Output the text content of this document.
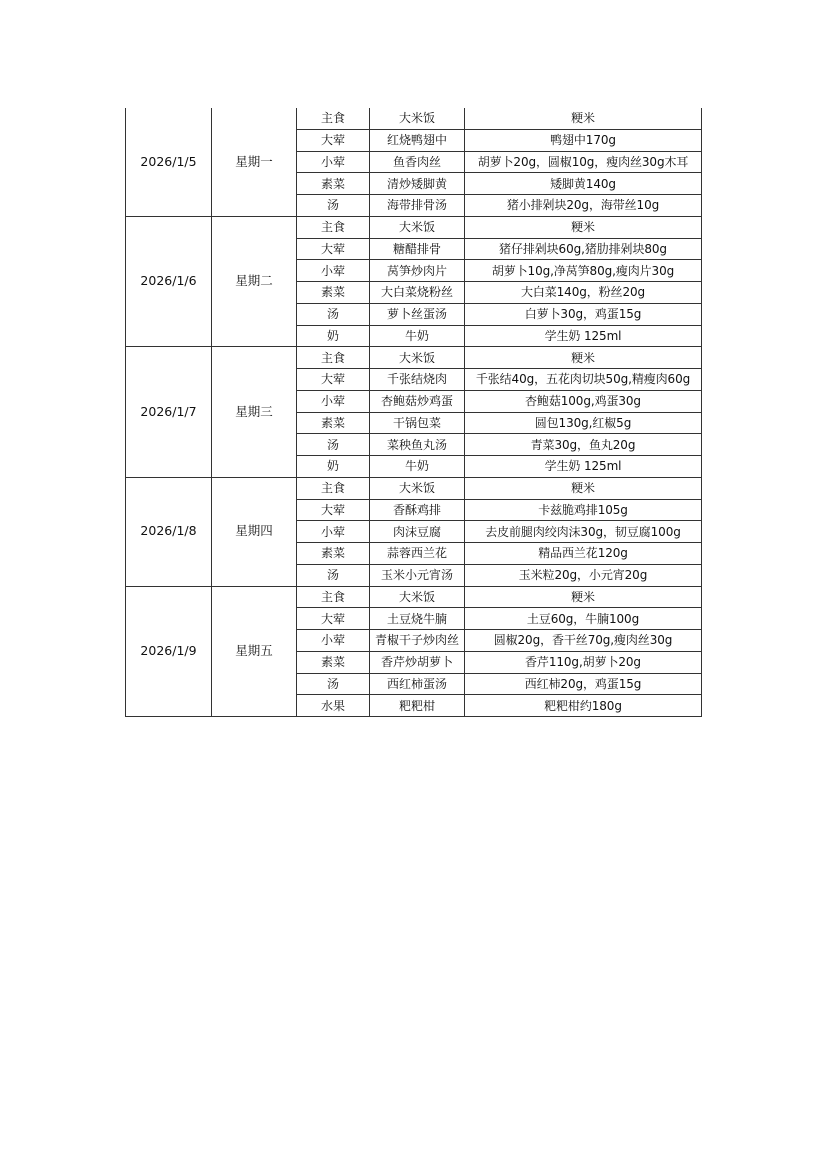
2026/1/5	星期一	主食	大米饭	粳米
		大荤	红烧鸭翅中	鸭翅中170g
		小荤	鱼香肉丝	胡萝卜20g，圆椒10g，瘦肉丝30g木耳
		素菜	清炒矮脚黄	矮脚黄140g
		汤	海带排骨汤	猪小排剁块20g，海带丝10g
2026/1/6	星期二	主食	大米饭	粳米
		大荤	糖醋排骨	猪仔排剁块60g,猪肋排剁块80g
		小荤	莴笋炒肉片	胡萝卜10g,净莴笋80g,瘦肉片30g
		素菜	大白菜烧粉丝	大白菜140g，粉丝20g
		汤	萝卜丝蛋汤	白萝卜30g，鸡蛋15g
		奶	牛奶	学生奶 125ml
2026/1/7	星期三	主食	大米饭	粳米
		大荤	千张结烧肉	千张结40g，五花肉切块50g,精瘦肉60g
		小荤	杏鲍菇炒鸡蛋	杏鲍菇100g,鸡蛋30g
		素菜	干锅包菜	圆包130g,红椒5g
		汤	菜秧鱼丸汤	青菜30g，鱼丸20g
		奶	牛奶	学生奶 125ml
2026/1/8	星期四	主食	大米饭	粳米
		大荤	香酥鸡排	卡兹脆鸡排105g
		小荤	肉沫豆腐	去皮前腿肉绞肉沫30g，韧豆腐100g
		素菜	蒜蓉西兰花	精品西兰花120g
		汤	玉米小元宵汤	玉米粒20g，小元宵20g
2026/1/9	星期五	主食	大米饭	粳米
		大荤	土豆烧牛腩	土豆60g，牛腩100g
		小荤	青椒干子炒肉丝	圆椒20g，香干丝70g,瘦肉丝30g
		素菜	香芹炒胡萝卜	香芹110g,胡萝卜20g
		汤	西红柿蛋汤	西红柿20g，鸡蛋15g
		水果	粑粑柑	粑粑柑约180g
